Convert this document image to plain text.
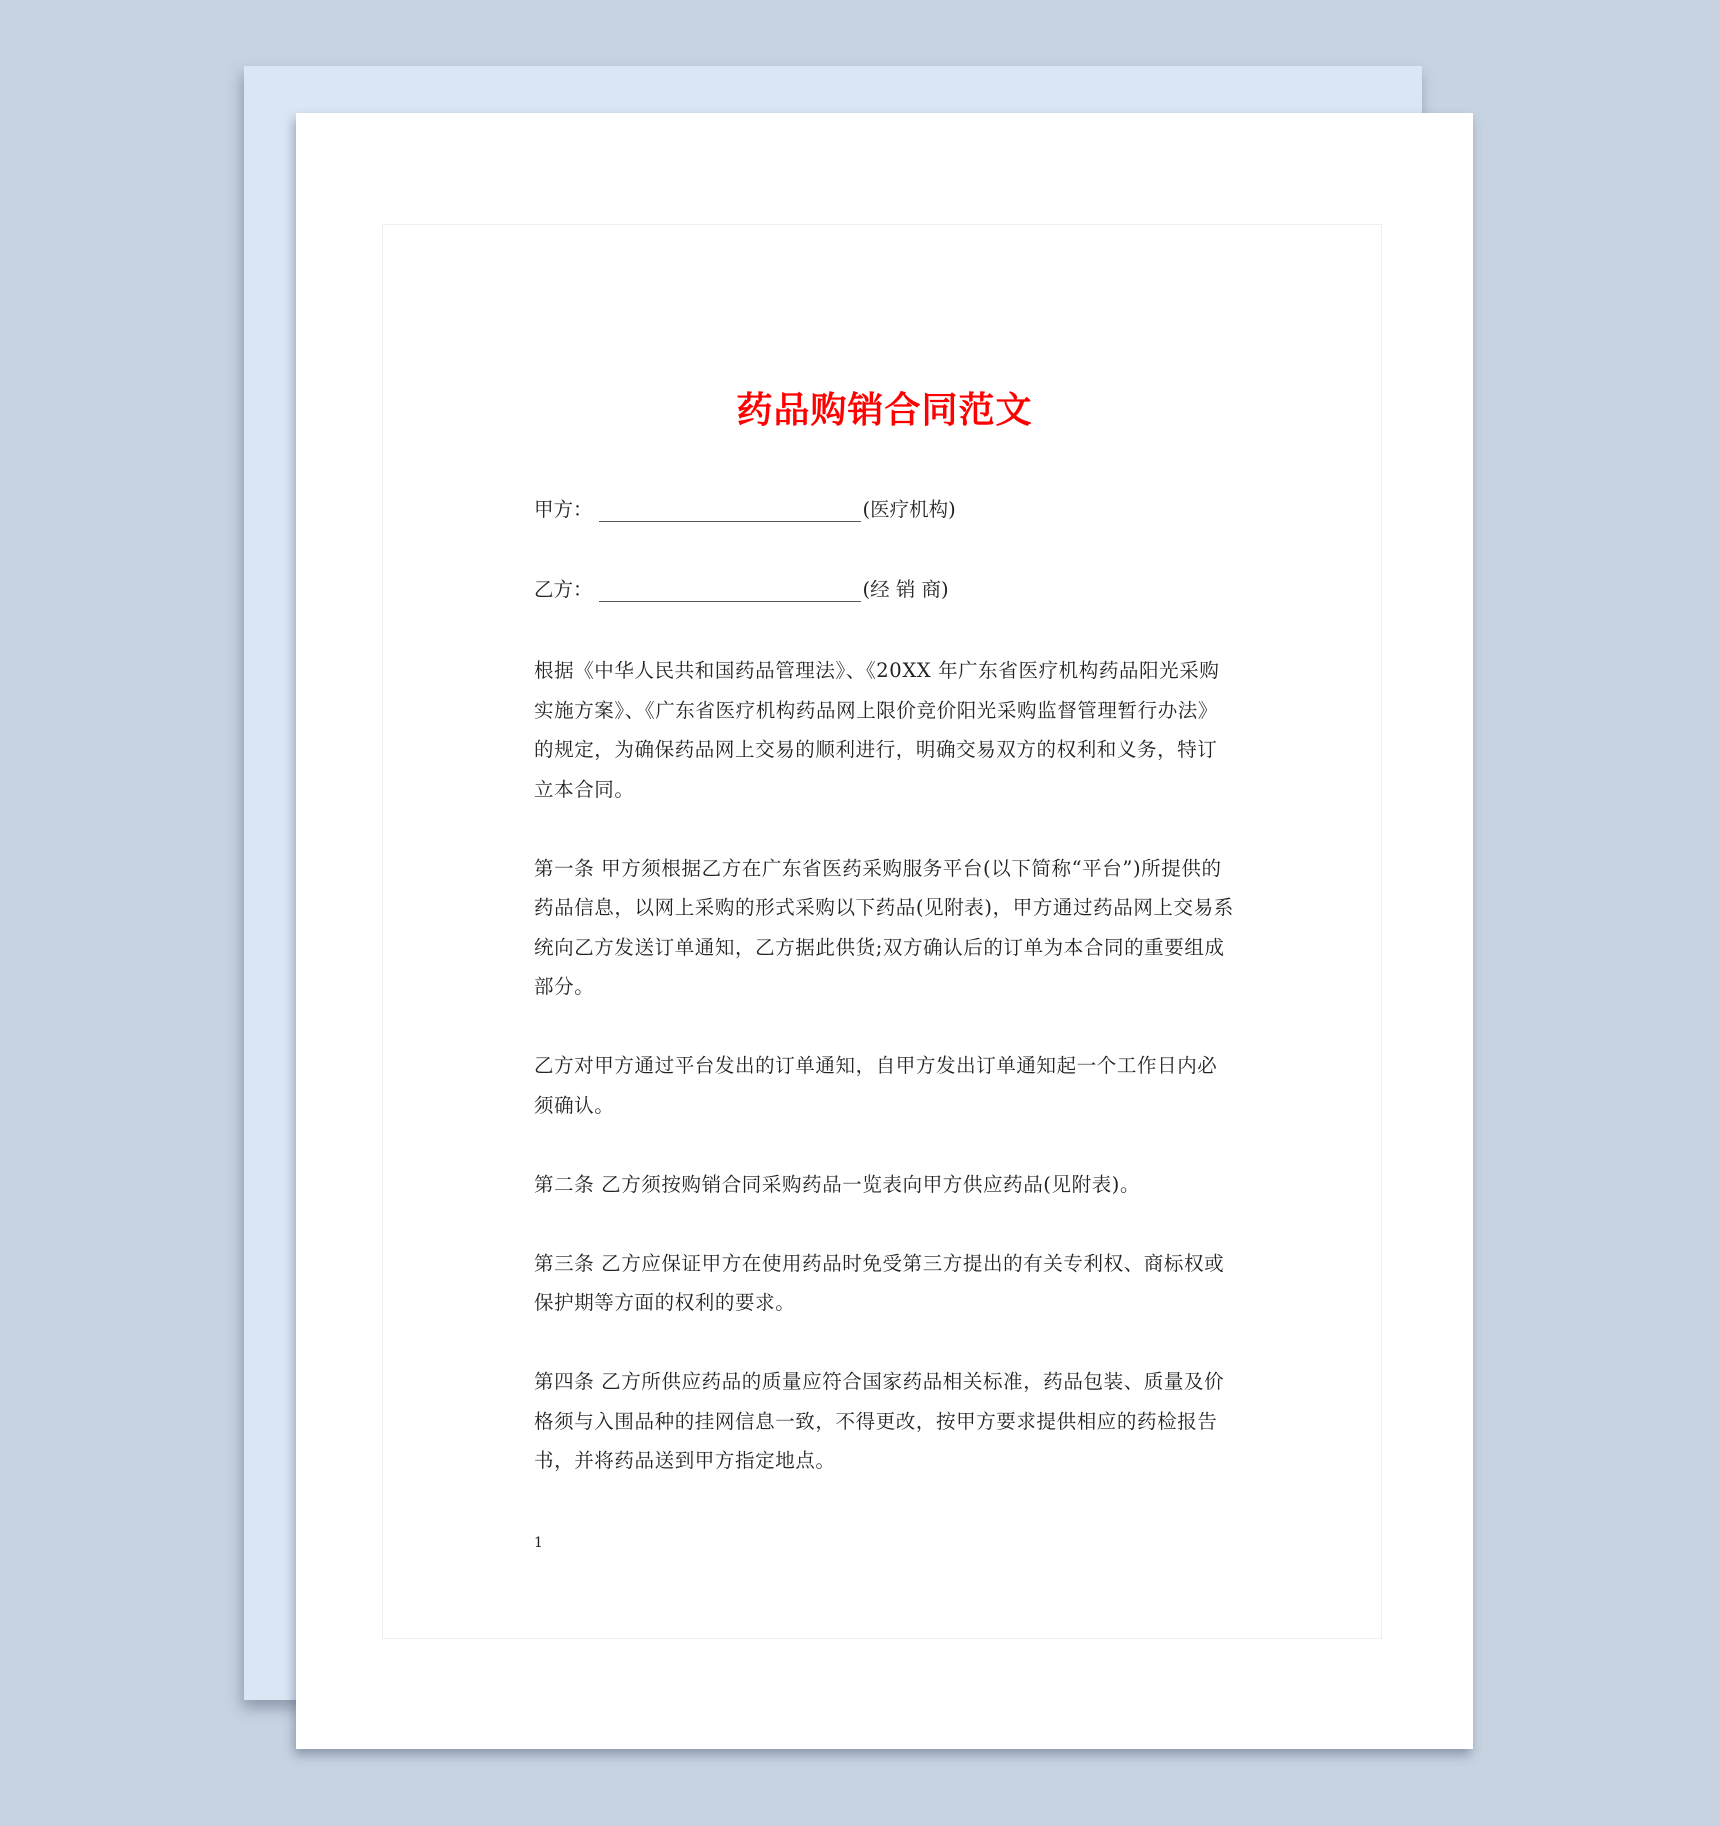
药品购销合同范文
甲方：	(医疗机构)
乙方：	(经 销 商)

根据《中华人民共和国药品管理法》、《20XX 年广东省医疗机构药品阳光采购实施方案》、《广东省医疗机构药品网上限价竞价阳光采购监督管理暂行办法》的规定，为确保药品网上交易的顺利进行，明确交易双方的权利和义务，特订立本合同。

第一条 甲方须根据乙方在广东省医药采购服务平台(以下简称“平台”)所提供的药品信息，以网上采购的形式采购以下药品(见附表)，甲方通过药品网上交易系统向乙方发送订单通知，乙方据此供货;双方确认后的订单为本合同的重要组成部分。

乙方对甲方通过平台发出的订单通知，自甲方发出订单通知起一个工作日内必须确认。

第二条 乙方须按购销合同采购药品一览表向甲方供应药品(见附表)。

第三条 乙方应保证甲方在使用药品时免受第三方提出的有关专利权、商标权或保护期等方面的权利的要求。

第四条 乙方所供应药品的质量应符合国家药品相关标准，药品包装、质量及价格须与入围品种的挂网信息一致，不得更改，按甲方要求提供相应的药检报告书，并将药品送到甲方指定地点。

1
